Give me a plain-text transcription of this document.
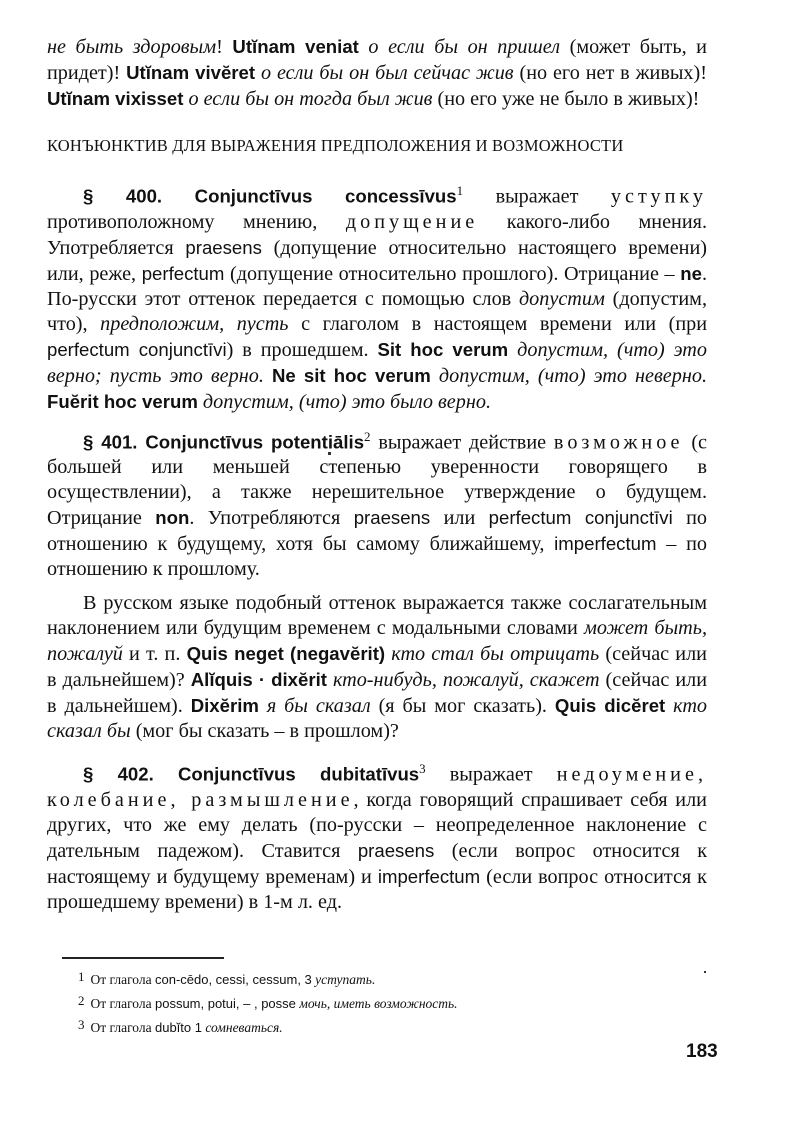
не быть здоровым! Utĭnam veniat о если бы он пришел (может быть, и придет)! Utĭnam vivĕret о если бы он был сейчас жив (но его нет в живых)! Utĭnam vixisset о если бы он тогда был жив (но его уже не было в живых)!

КОНЪЮНКТИВ ДЛЯ ВЫРАЖЕНИЯ ПРЕДПОЛОЖЕНИЯ И ВОЗМОЖНОСТИ

§ 400. Conjunctīvus concessīvus$^1$ выражает уступку противоположному мнению, допущение какого-либо мнения. Употребляется praesens (допущение относительно настоящего времени) или, реже, perfectum (допущение относительно прошлого). Отрицание – ne. По-русски этот оттенок передается с помощью слов допустим (допустим, что), предположим, пусть с глаголом в настоящем времени или (при perfectum conjunctīvi) в прошедшем. Sit hoc verum допустим, (что) это верно; пусть это верно. Ne sit hoc verum допустим, (что) это неверно. Fuĕrit hoc verum допустим, (что) это было верно.

§ 401. Conjunctīvus potentiālis$^2$ выражает действие возможное (с большей или меньшей степенью уверенности говорящего в осуществлении), а также нерешительное утверждение о будущем. Отрицание non. Употребляются praesens или perfectum conjunctīvi по отношению к будущему, хотя бы самому ближайшему, imperfectum – по отношению к прошлому.

В русском языке подобный оттенок выражается также сослагательным наклонением или будущим временем с модальными словами может быть, пожалуй и т. п. Quis neget (negavĕrit) кто стал бы отрицать (сейчас или в дальнейшем)? Alĭquis · dixĕrit кто-нибудь, пожалуй, скажет (сейчас или в дальнейшем). Dixĕrim я бы сказал (я бы мог сказать). Quis dicĕret кто сказал бы (мог бы сказать – в прошлом)?

§ 402. Conjunctīvus dubitatīvus$^3$ выражает недоумение, колебание, размышление, когда говорящий спрашивает себя или других, что же ему делать (по-русски – неопределенное наклонение с дательным падежом). Ставится praesens (если вопрос относится к настоящему и будущему временам) и imperfectum (если вопрос относится к прошедшему времени) в 1-м л. ед.

$^1$ От глагола con-cēdo, cessi, cessum, 3 уступать.
$^2$ От глагола possum, potui, – , posse мочь, иметь возможность.
$^3$ От глагола dubĭto 1 сомневаться.
183
